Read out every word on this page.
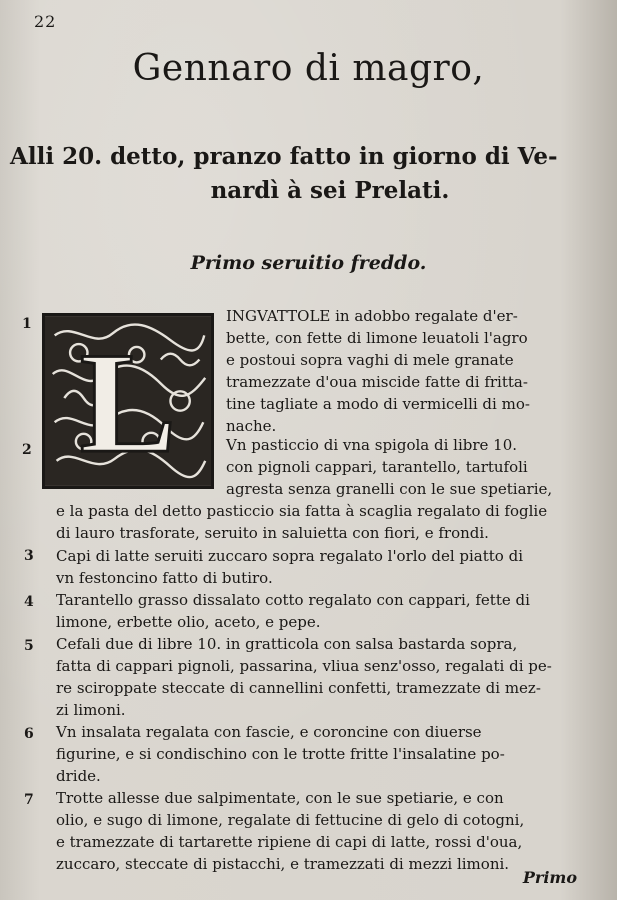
22
Gennaro di magro,
Alli 20. detto, pranzo fatto in giorno di Ve-
nardì à sei Prelati.
Primo seruitio freddo.
L
1	INGVATTOLE in adobbo regalate d'er-
bette, con fette di limone leuatoli l'agro
e postoui sopra vaghi di mele granate
tramezzate d'oua miscide fatte di fritta-
tine tagliate a modo di vermicelli di mo-
nache.
2	Vn pasticcio di vna spigola di libre 10.
con pignoli cappari, tarantello, tartufoli
agresta senza granelli con le sue spetiarie,
e la pasta del detto pasticcio sia fatta à scaglia regalato di foglie
di lauro trasforate, seruito in saluietta con fiori, e frondi.
3 Capi di latte seruiti zuccaro sopra regalato l'orlo del piatto di
vn festoncino fatto di butiro.
4 Tarantello grasso dissalato cotto regalato con cappari, fette di
limone, erbette olio, aceto, e pepe.
5 Cefali due di libre 10. in gratticola con salsa bastarda sopra,
fatta di cappari pignoli, passarina, vliua senz'osso, regalati di pe-
re sciroppate steccate di cannellini confetti, tramezzate di mez-
zi limoni.
6 Vn insalata regalata con fascie, e coroncine con diuerse
figurine, e si condischino con le trotte fritte l'insalatine po-
dride.
7 Trotte allesse due salpimentate, con le sue spetiarie, e con
olio, e sugo di limone, regalate di fettucine di gelo di cotogni,
e tramezzate di tartarette ripiene di capi di latte, rossi d'oua,
zuccaro, steccate di pistacchi, e tramezzati di mezzi limoni.
Primo
